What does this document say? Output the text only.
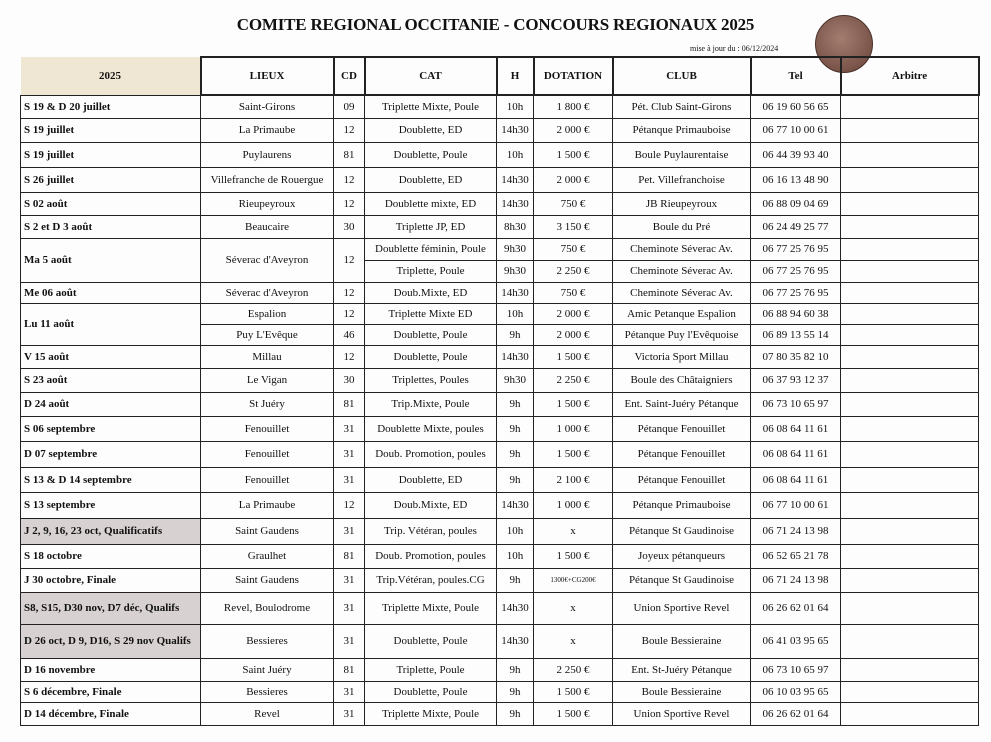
COMITE REGIONAL OCCITANIE - CONCOURS REGIONAUX 2025
mise à jour du : 06/12/2024
2025	LIEUX	CD	CAT	H	DOTATION	CLUB	Tel	Arbitre
S 19 & D 20 juillet	Saint-Girons	09	Triplette Mixte, Poule	10h	1 800 €	Pét. Club Saint-Girons	06 19 60 56 65	
S 19 juillet	La Primaube	12	Doublette, ED	14h30	2 000 €	Pétanque Primauboise	06 77 10 00 61	
S 19 juillet	Puylaurens	81	Doublette, Poule	10h	1 500 €	Boule Puylaurentaise	06 44 39 93 40	
S 26 juillet	Villefranche de Rouergue	12	Doublette, ED	14h30	2 000 €	Pet. Villefranchoise	06 16 13 48 90	
S 02 août	Rieupeyroux	12	Doublette mixte, ED	14h30	750 €	JB Rieupeyroux	06 88 09 04 69	
S 2 et D 3 août	Beaucaire	30	Triplette JP, ED	8h30	3 150 €	Boule du Pré	06 24 49 25 77	
Ma 5 août	Séverac d'Aveyron	12	Doublette féminin, Poule	9h30	750 €	Cheminote Séverac Av.	06 77 25 76 95	
			Triplette, Poule	9h30	2 250 €	Cheminote Séverac Av.	06 77 25 76 95	
Me 06 août	Séverac d'Aveyron	12	Doub.Mixte, ED	14h30	750 €	Cheminote Séverac Av.	06 77 25 76 95	
Lu 11 août	Espalion	12	Triplette Mixte ED	10h	2 000 €	Amic Petanque Espalion	06 88 94 60 38	
	Puy L'Evêque	46	Doublette, Poule	9h	2 000 €	Pétanque Puy l'Evêquoise	06 89 13 55 14	
V 15 août	Millau	12	Doublette, Poule	14h30	1 500 €	Victoria Sport Millau	07 80 35 82 10	
S 23 août	Le Vigan	30	Triplettes, Poules	9h30	2 250 €	Boule des Châtaigniers	06 37 93 12 37	
D 24 août	St Juéry	81	Trip.Mixte, Poule	9h	1 500 €	Ent. Saint-Juéry Pétanque	06 73 10 65 97	
S 06 septembre	Fenouillet	31	Doublette Mixte, poules	9h	1 000 €	Pétanque Fenouillet	06 08 64 11 61	
D 07 septembre	Fenouillet	31	Doub. Promotion, poules	9h	1 500 €	Pétanque Fenouillet	06 08 64 11 61	
S 13 & D 14 septembre	Fenouillet	31	Doublette, ED	9h	2 100 €	Pétanque Fenouillet	06 08 64 11 61	
S 13 septembre	La Primaube	12	Doub.Mixte, ED	14h30	1 000 €	Pétanque Primauboise	06 77 10 00 61	
J 2, 9, 16, 23 oct, Qualificatifs	Saint Gaudens	31	Trip. Vétéran, poules	10h	x	Pétanque St Gaudinoise	06 71 24 13 98	
S 18 octobre	Graulhet	81	Doub. Promotion, poules	10h	1 500 €	Joyeux pétanqueurs	06 52 65 21 78	
J 30 octobre, Finale	Saint Gaudens	31	Trip.Vétéran, poules.CG	9h	1300€+CG200€	Pétanque St Gaudinoise	06 71 24 13 98	
S8, S15, D30 nov, D7 déc, Qualifs	Revel, Boulodrome	31	Triplette Mixte, Poule	14h30	x	Union Sportive Revel	06 26 62 01 64	
D 26 oct, D 9, D16, S 29 nov Qualifs	Bessieres	31	Doublette, Poule	14h30	x	Boule Bessieraine	06 41 03 95 65	
D 16 novembre	Saint Juéry	81	Triplette, Poule	9h	2 250 €	Ent. St-Juéry Pétanque	06 73 10 65 97	
S 6 décembre, Finale	Bessieres	31	Doublette, Poule	9h	1 500 €	Boule Bessieraine	06 10 03 95 65	
D 14 décembre, Finale	Revel	31	Triplette Mixte, Poule	9h	1 500 €	Union Sportive Revel	06 26 62 01 64	
